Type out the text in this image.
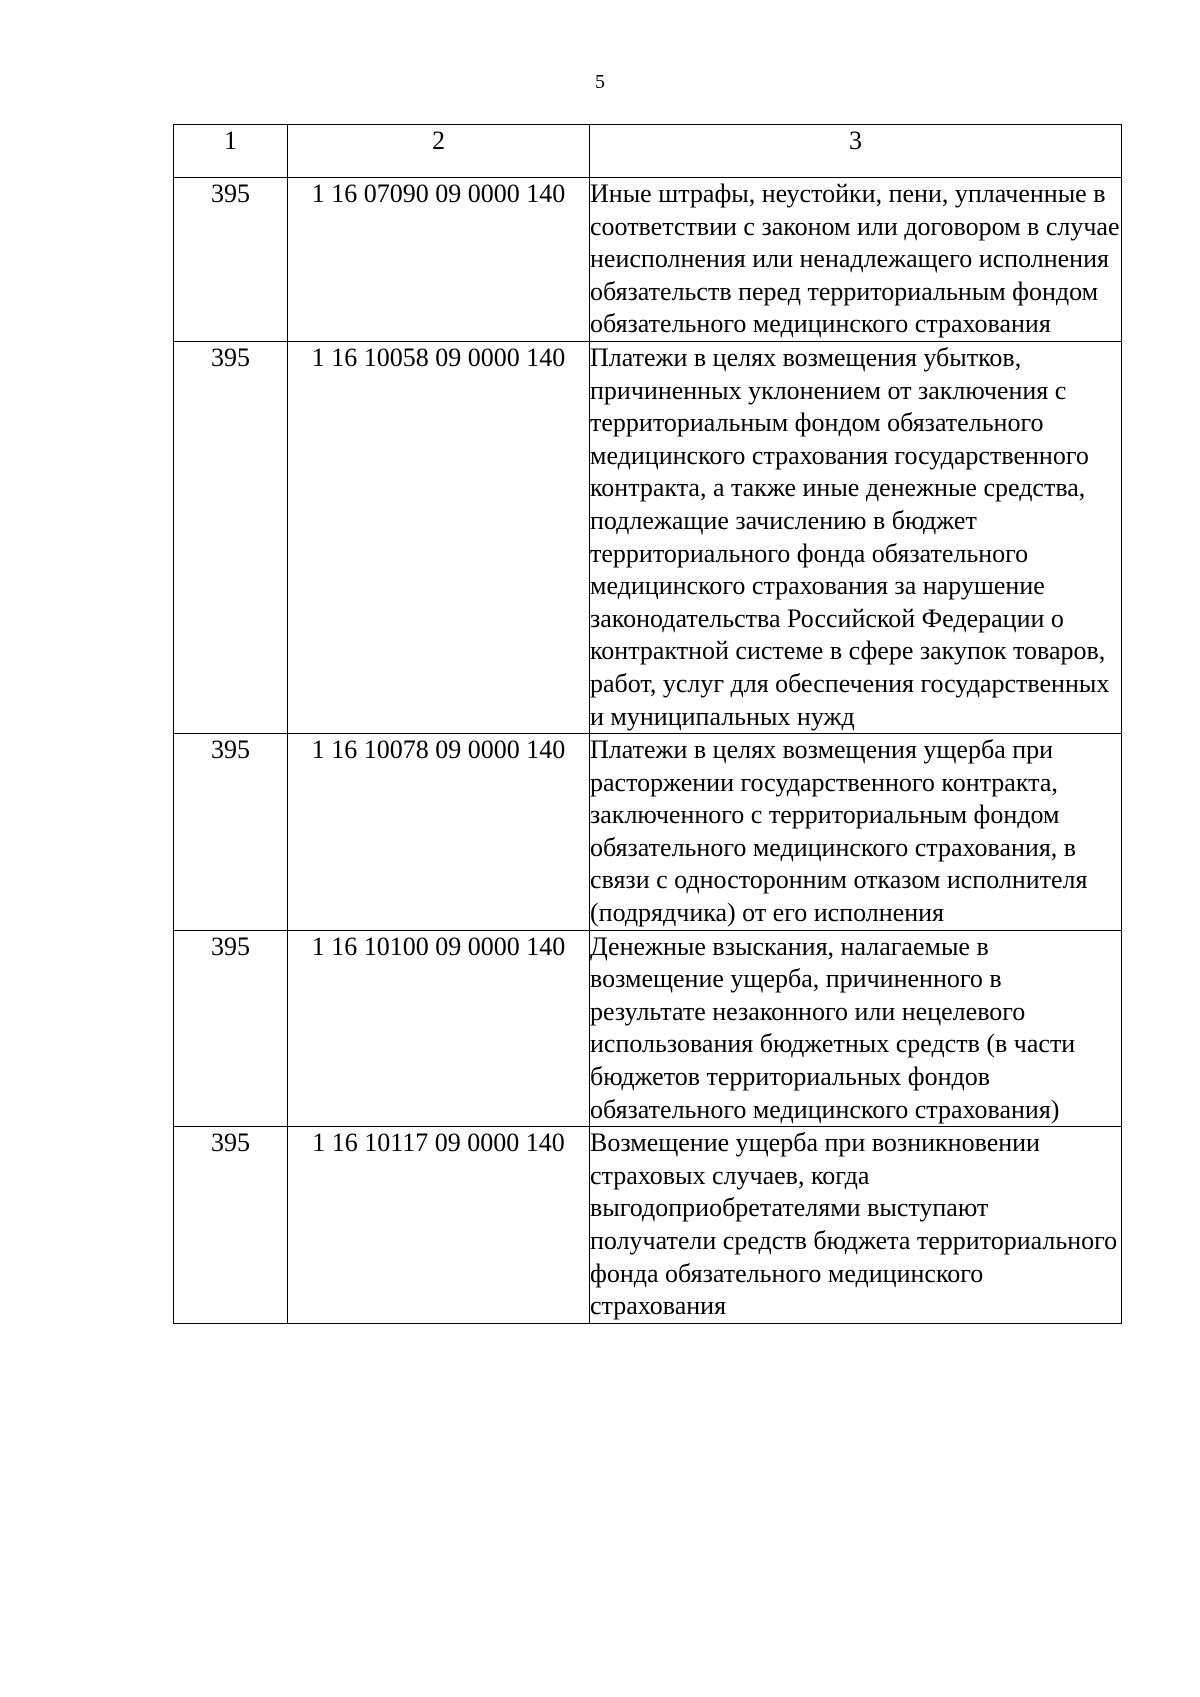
5
1	2	3
395	1 16 07090 09 0000 140	Иные штрафы, неустойки, пени, уплаченные в соответствии с законом или договором в случае неисполнения или ненадлежащего исполнения обязательств перед территориальным фондом обязательного медицинского страхования
395	1 16 10058 09 0000 140	Платежи в целях возмещения убытков, причиненных уклонением от заключения с территориальным фондом обязательного медицинского страхования государственного контракта, а также иные денежные средства, подлежащие зачислению в бюджет территориального фонда обязательного медицинского страхования за нарушение законодательства Российской Федерации о контрактной системе в сфере закупок товаров, работ, услуг для обеспечения государственных и муниципальных нужд
395	1 16 10078 09 0000 140	Платежи в целях возмещения ущерба при расторжении государственного контракта, заключенного с территориальным фондом обязательного медицинского страхования, в связи с односторонним отказом исполнителя (подрядчика) от его исполнения
395	1 16 10100 09 0000 140	Денежные взыскания, налагаемые в возмещение ущерба, причиненного в результате незаконного или нецелевого использования бюджетных средств (в части бюджетов территориальных фондов обязательного медицинского страхования)
395	1 16 10117 09 0000 140	Возмещение ущерба при возникновении страховых случаев, когда выгодоприобретателями выступают получатели средств бюджета территориального фонда обязательного медицинского страхования
